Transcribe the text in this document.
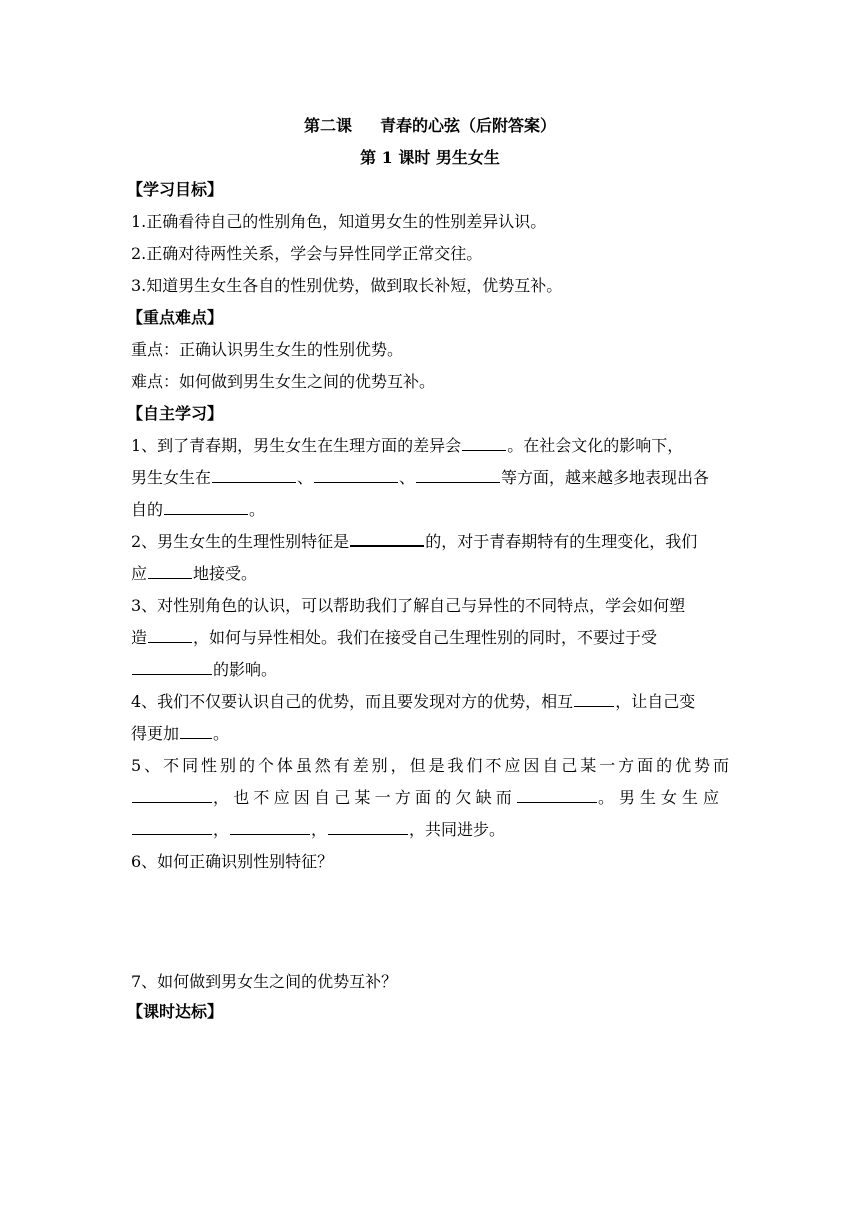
第二课 青春的心弦（后附答案）
第 1 课时 男生女生
【学习目标】
1.正确看待自己的性别角色，知道男女生的性别差异认识。
2.正确对待两性关系，学会与异性同学正常交往。
3.知道男生女生各自的性别优势，做到取长补短，优势互补。
【重点难点】
重点：正确认识男生女生的性别优势。
难点：如何做到男生女生之间的优势互补。
【自主学习】
1、到了青春期，男生女生在生理方面的差异会	。在社会文化的影响下，
男生女生在	、	、	等方面，越来越多地表现出各
自的	。
2、男生女生的生理性别特征是	的，对于青春期特有的生理变化，我们
应	地接受。
3、对性别角色的认识，可以帮助我们了解自己与异性的不同特点，学会如何塑
造	，如何与异性相处。我们在接受自己生理性别的同时，不要过于受
的影响。
4、我们不仅要认识自己的优势，而且要发现对方的优势，相互	，让自己变
得更加 。
5、不同性别的个体虽然有差别，但是我们不应因自己某一方面的优势而
，也不应因自己某一方面的欠缺而	。男生女生应
，	，	，共同进步。
6、如何正确识别性别特征？
7、如何做到男女生之间的优势互补？
【课时达标】
